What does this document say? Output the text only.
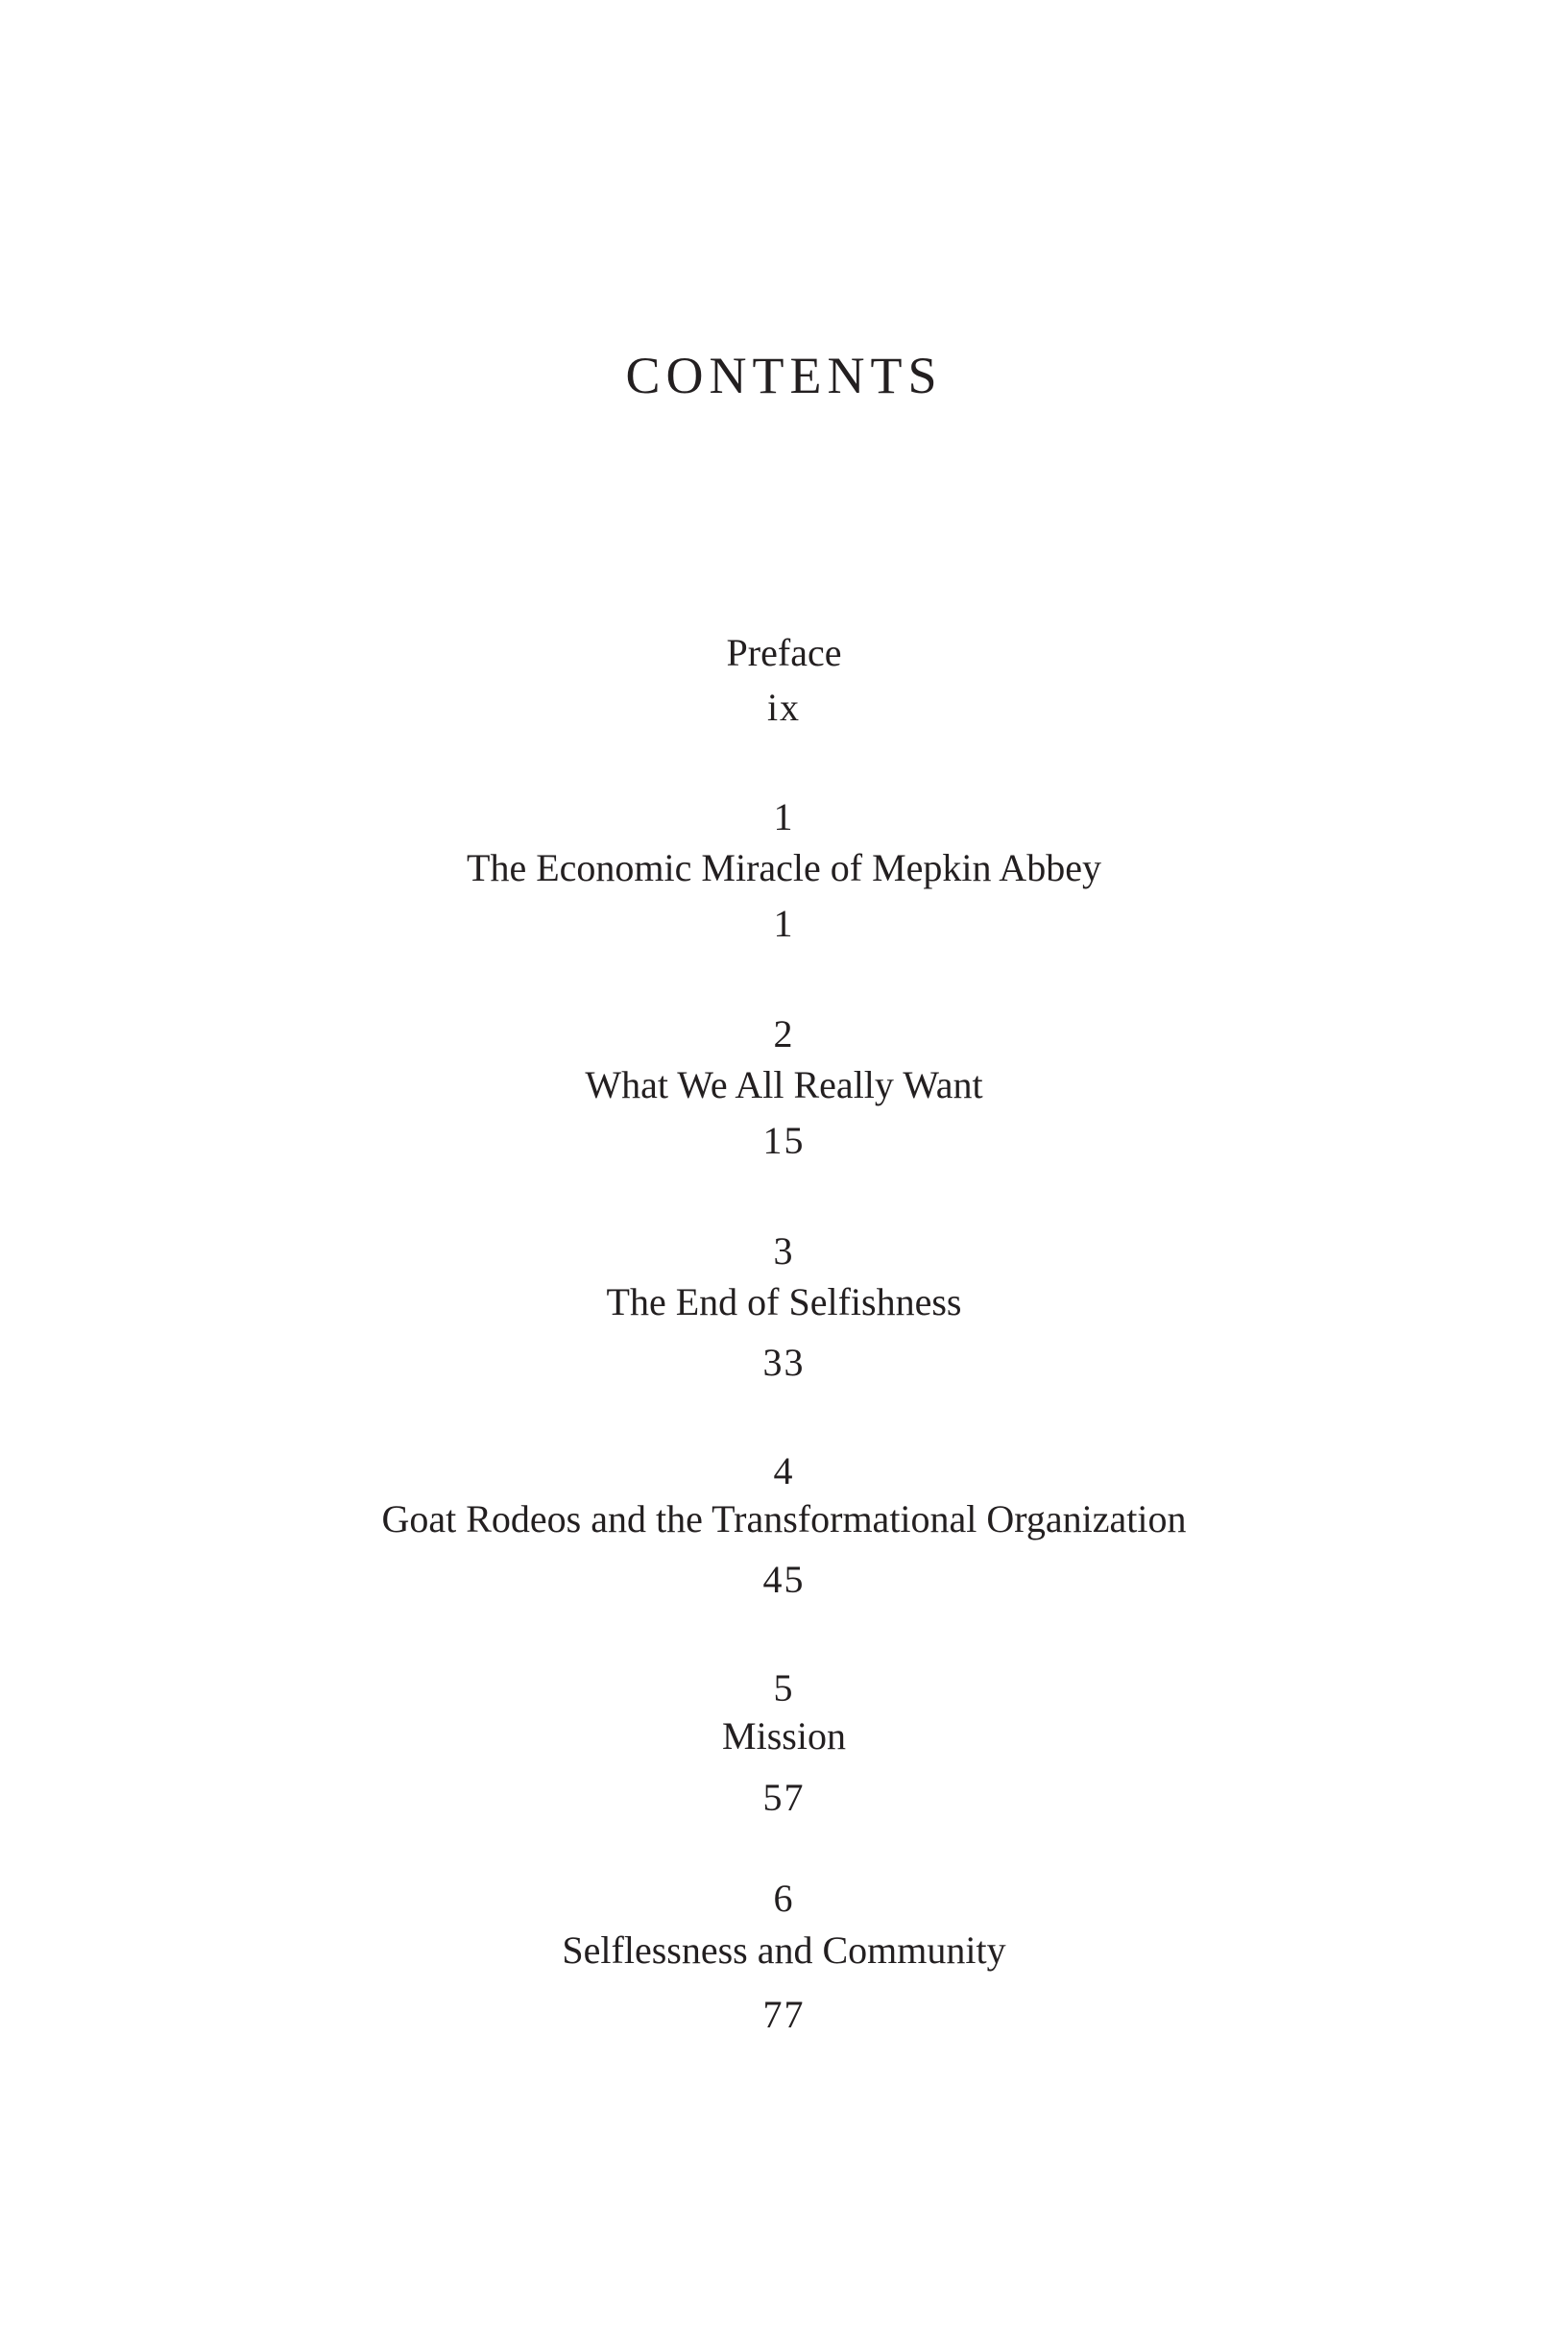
CONTENTS
Preface
ix
1
The Economic Miracle of Mepkin Abbey
1
2
What We All Really Want
15
3
The End of Selfishness
33
4
Goat Rodeos and the Transformational Organization
45
5
Mission
57
6
Selflessness and Community
77
